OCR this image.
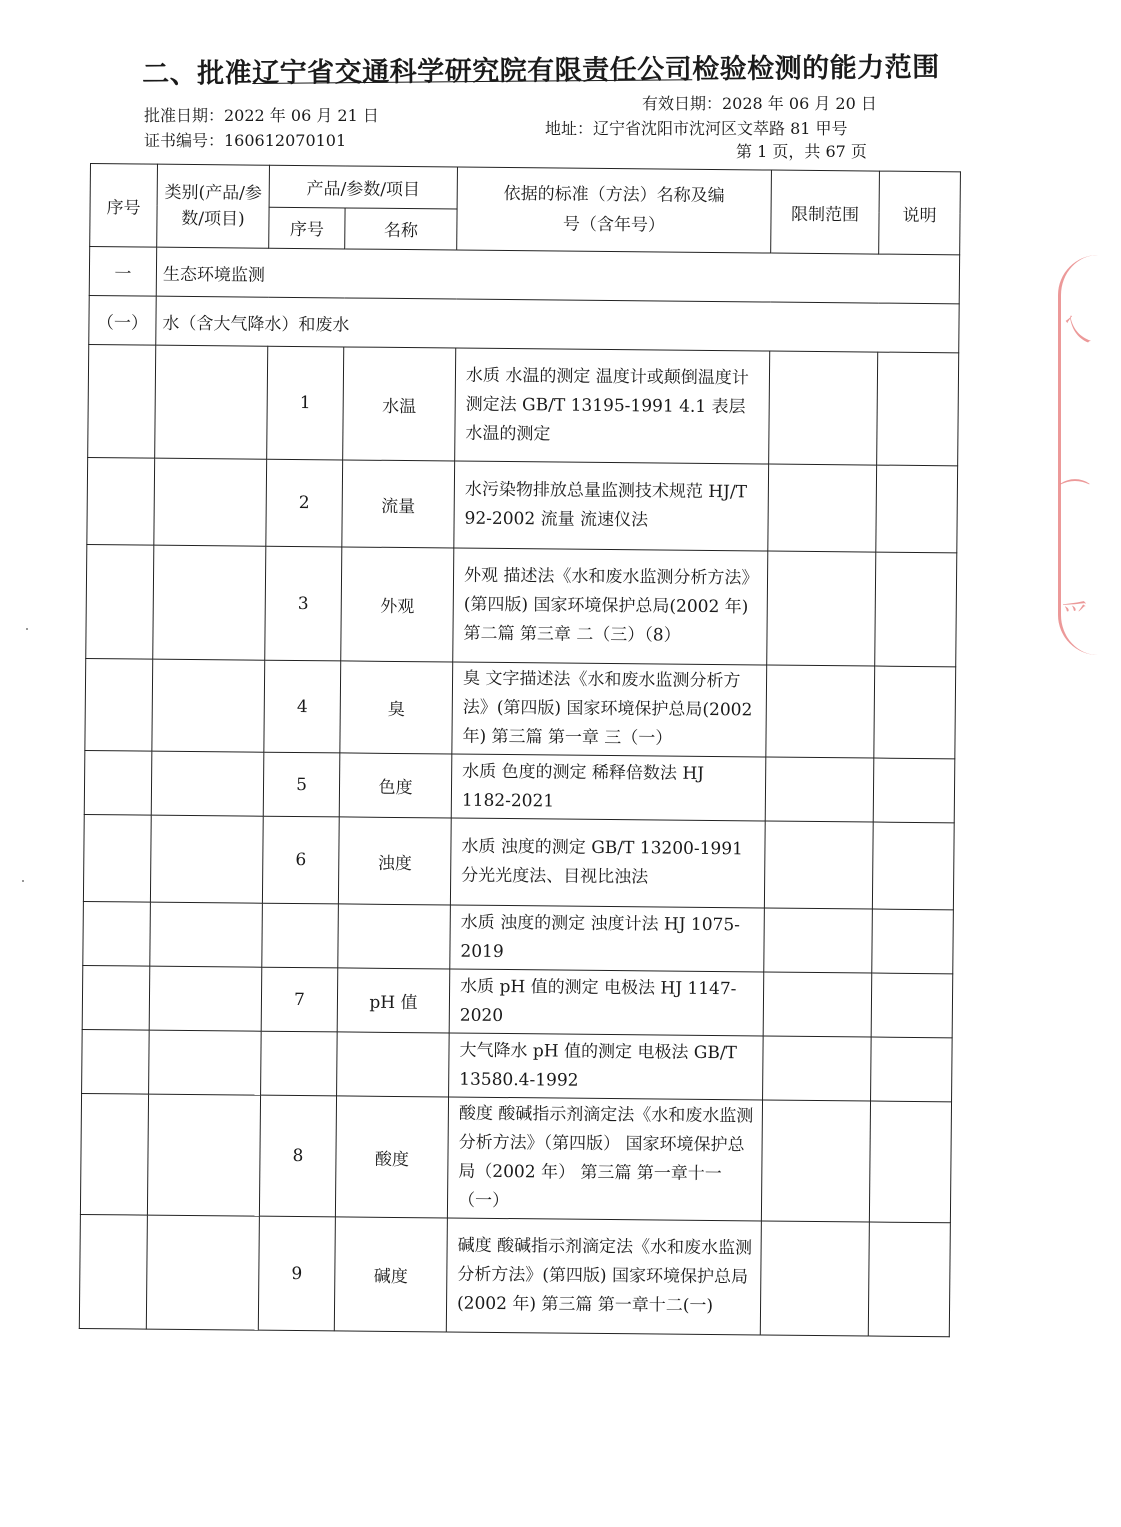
二、批准辽宁省交通科学研究院有限责任公司检验检测的能力范围
批准日期：2022 年 06 月 21 日
证书编号：160612070101
有效日期：2028 年 06 月 20 日
地址：辽宁省沈阳市沈河区文萃路 81 甲号
第 1 页，共 67 页
序号	类别(产品/参数/项目)	产品/参数/项目		依据的标准（方法）名称及编号（含年号）	限制范围	说明
		序号	名称			
一	生态环境监测					
（一）	水（含大气降水）和废水					
		1	水温	水质 水温的测定 温度计或颠倒温度计测定法 GB/T 13195-1991 4.1 表层水温的测定		
		2	流量	水污染物排放总量监测技术规范 HJ/T 92-2002 流量 流速仪法		
		3	外观	外观 描述法《水和废水监测分析方法》(第四版) 国家环境保护总局(2002 年) 第二篇 第三章 二（三）（8）		
		4	臭	臭 文字描述法《水和废水监测分析方法》(第四版) 国家环境保护总局(2002 年) 第三篇 第一章 三（一）		
		5	色度	水质 色度的测定 稀释倍数法 HJ 1182-2021		
		6	浊度	水质 浊度的测定 GB/T 13200-1991 分光光度法、目视比浊法		
				水质 浊度的测定 浊度计法 HJ 1075-2019		
		7	pH 值	水质 pH 值的测定 电极法 HJ 1147-2020		
				大气降水 pH 值的测定 电极法 GB/T 13580.4-1992		
		8	酸度	酸度 酸碱指示剂滴定法《水和废水监测分析方法》（第四版） 国家环境保护总局（2002 年） 第三篇 第一章十一（一）		
		9	碱度	碱度 酸碱指示剂滴定法《水和废水监测分析方法》(第四版) 国家环境保护总局(2002 年) 第三篇 第一章十二(一)		
乀
⌒
爫
